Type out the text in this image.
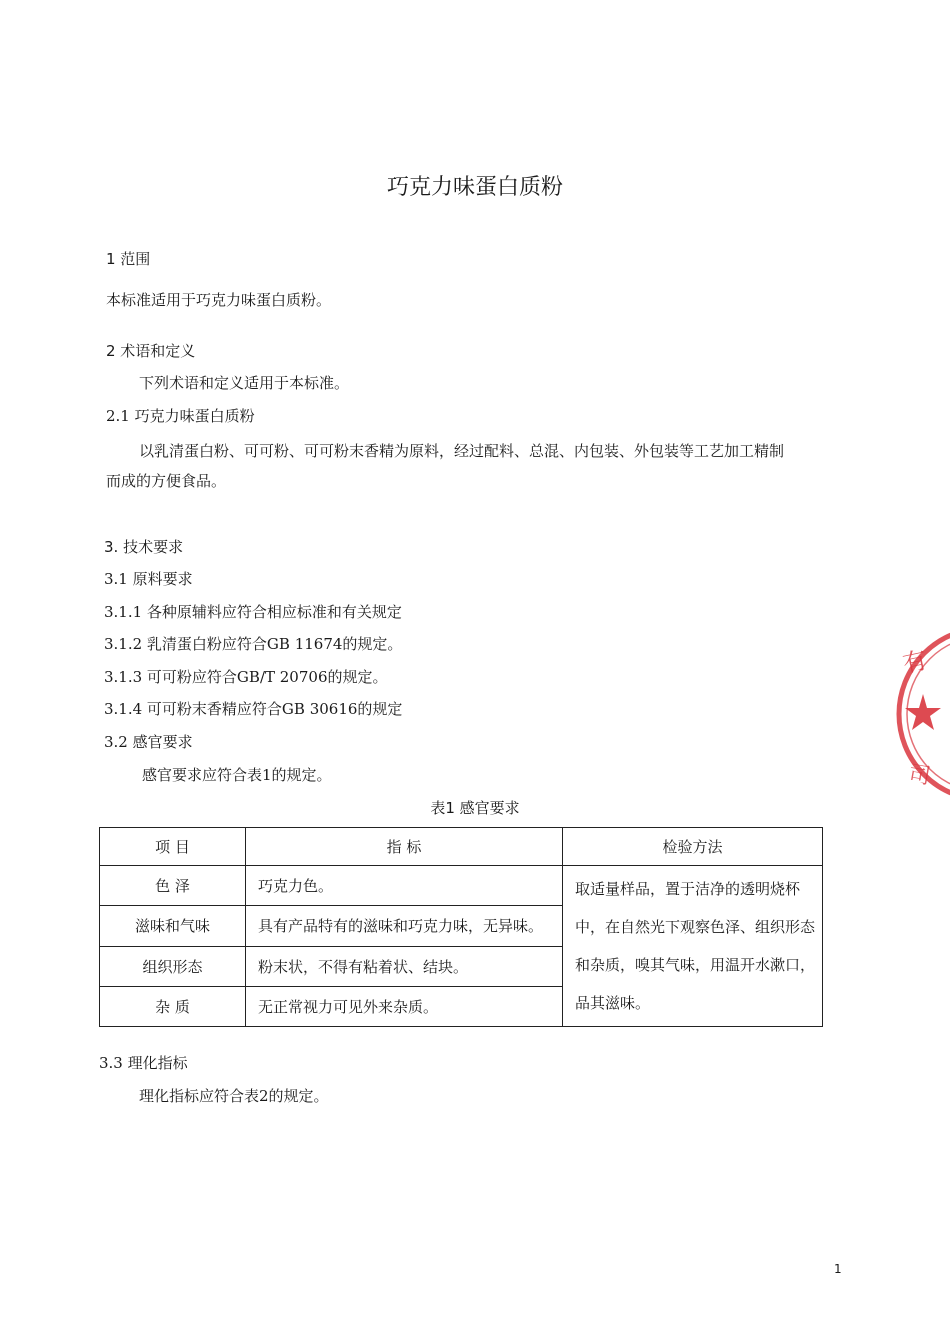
巧克力味蛋白质粉
1 范围
本标准适用于巧克力味蛋白质粉。
2 术语和定义
下列术语和定义适用于本标准。
2.1 巧克力味蛋白质粉
以乳清蛋白粉、可可粉、可可粉末香精为原料，经过配料、总混、内包装、外包装等工艺加工精制
而成的方便食品。
3. 技术要求
3.1 原料要求
3.1.1 各种原辅料应符合相应标准和有关规定
3.1.2 乳清蛋白粉应符合GB 11674的规定。
3.1.3 可可粉应符合GB/T 20706的规定。
3.1.4 可可粉末香精应符合GB 30616的规定
3.2 感官要求
感官要求应符合表1的规定。
表1 感官要求
项 目	指 标	检验方法
色 泽	巧克力色。	取适量样品，置于洁净的透明烧杯中，在自然光下观察色泽、组织形态和杂质，嗅其气味，用温开水漱口，品其滋味。
滋味和气味	具有产品特有的滋味和巧克力味，无异味。	
组织形态	粉末状，不得有粘着状、结块。	
杂 质	无正常视力可见外来杂质。	
3.3 理化指标
理化指标应符合表2的规定。
1
有
司
